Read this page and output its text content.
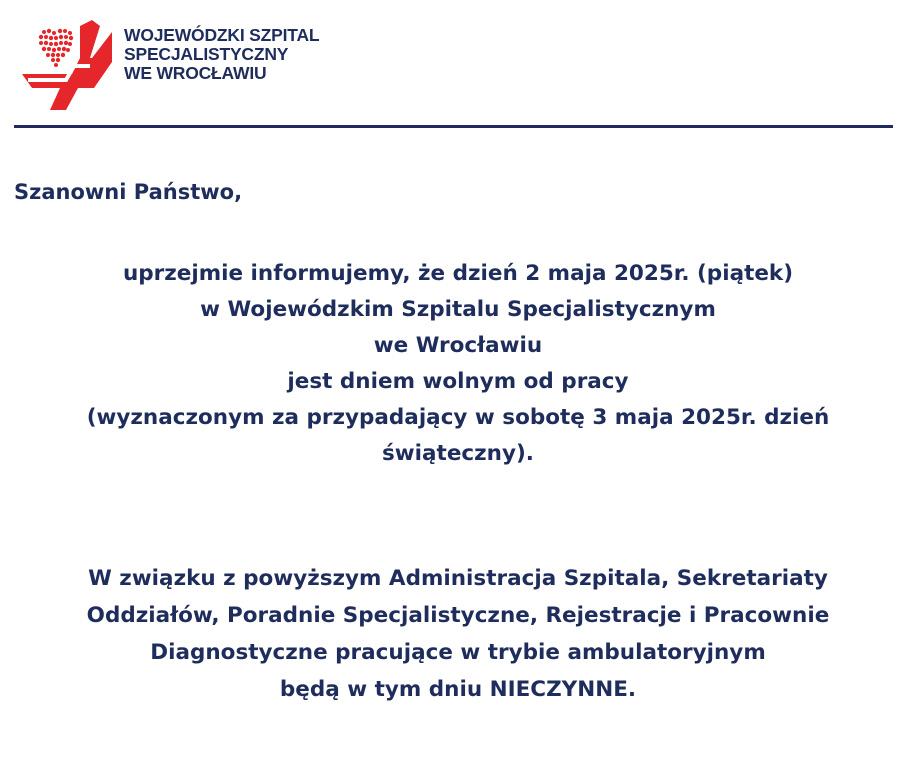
WOJEWÓDZKI SZPITAL
SPECJALISTYCZNY
WE WROCŁAWIU
Szanowni Państwo,
uprzejmie informujemy, że dzień 2 maja 2025r. (piątek)
w Wojewódzkim Szpitalu Specjalistycznym
we Wrocławiu
jest dniem wolnym od pracy
(wyznaczonym za przypadający w sobotę 3 maja 2025r. dzień
świąteczny).
W związku z powyższym Administracja Szpitala, Sekretariaty
Oddziałów, Poradnie Specjalistyczne, Rejestracje i Pracownie
Diagnostyczne pracujące w trybie ambulatoryjnym
będą w tym dniu NIECZYNNE.
